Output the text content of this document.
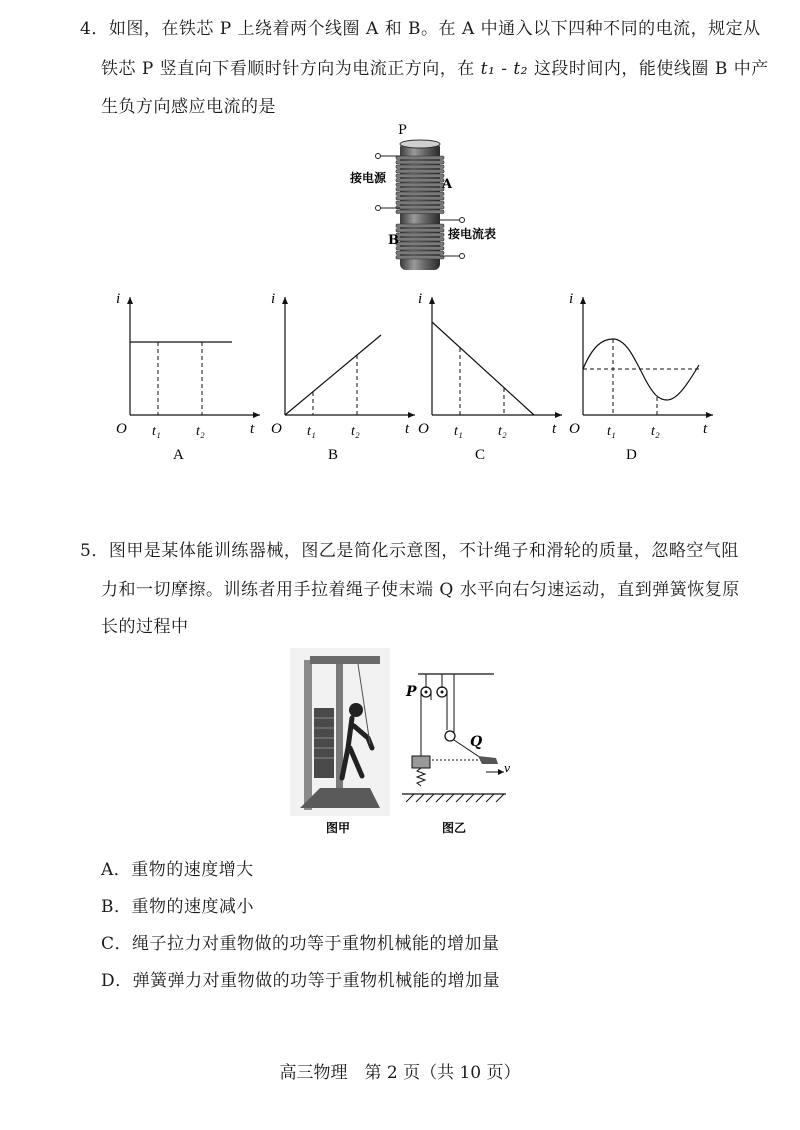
4．如图，在铁芯 P 上绕着两个线圈 A 和 B。在 A 中通入以下四种不同的电流，规定从
铁芯 P 竖直向下看顺时针方向为电流正方向，在 t₁ - t₂ 这段时间内，能使线圈 B 中产
生负方向感应电流的是
P
接电源	A
B	接电流表
i
t
O t₁	t₂
A
i
t
O t₁	t₂
B
i
t
O t₁	t₂
C
i
t
O t₁	t₂
D
5．图甲是某体能训练器械，图乙是简化示意图，不计绳子和滑轮的质量，忽略空气阻
力和一切摩擦。训练者用手拉着绳子使末端 Q 水平向右匀速运动，直到弹簧恢复原
长的过程中
图甲
P
Q
v
图乙
A．重物的速度增大
B．重物的速度减小
C．绳子拉力对重物做的功等于重物机械能的增加量
D．弹簧弹力对重物做的功等于重物机械能的增加量
高三物理　第 2 页（共 10 页）
